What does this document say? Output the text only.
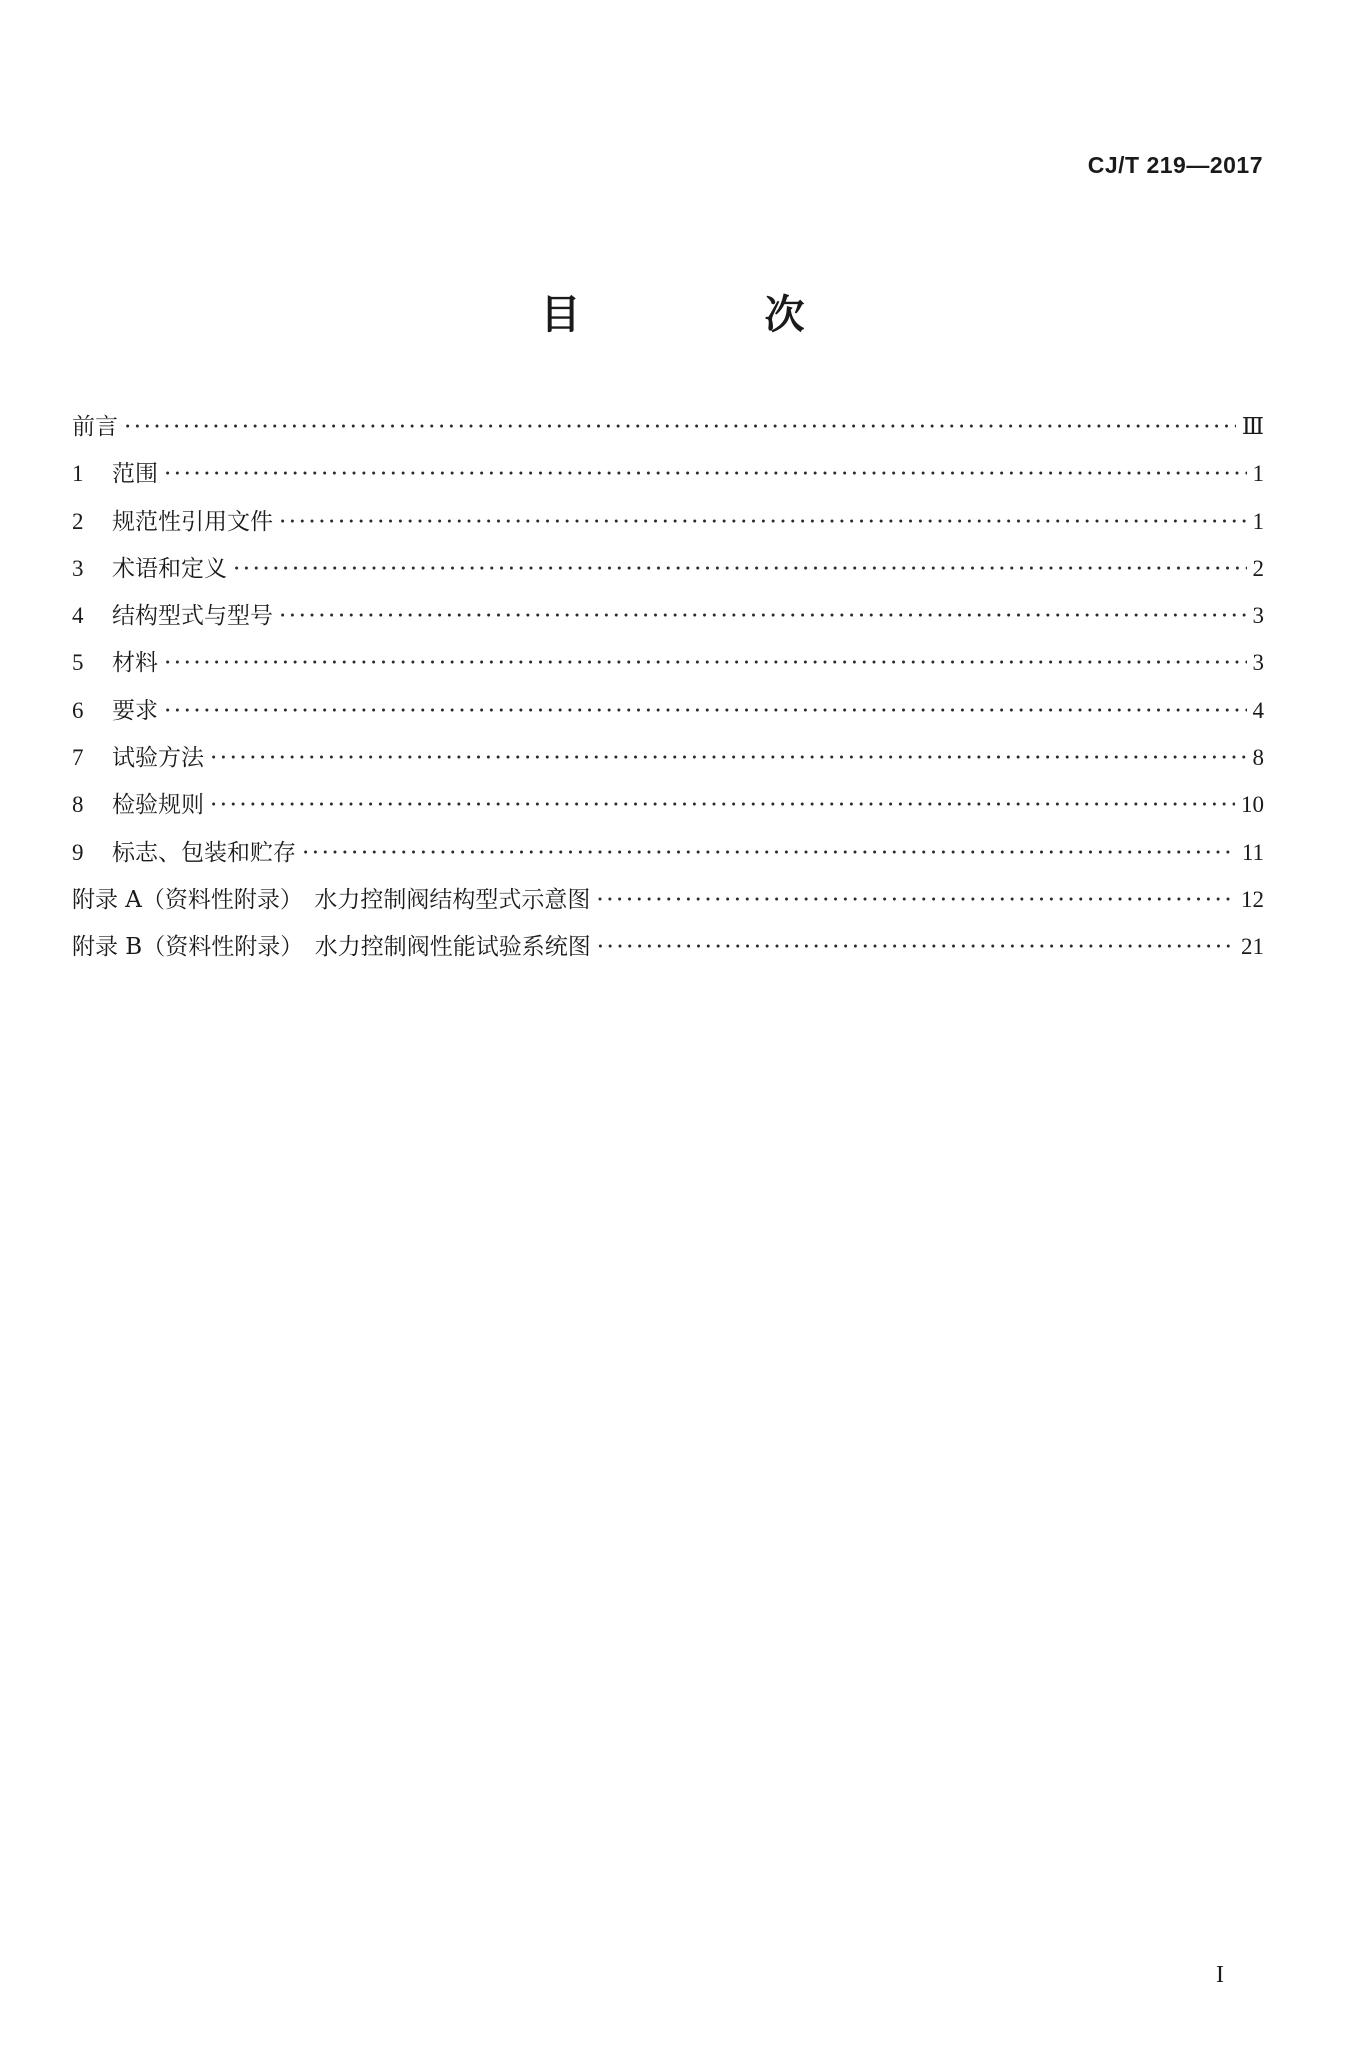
CJ/T 219—2017
目　次
前言 ·····	Ⅲ
1	范围 ·····	1
2	规范性引用文件 ·····	1
3	术语和定义 ·····	2
4	结构型式与型号 ·····	3
5	材料 ·····	3
6	要求 ·····	4
7	试验方法 ·····	8
8	检验规则 ·····	10
9	标志、包装和贮存 ·····	11
附录 A（资料性附录）　水力控制阀结构型式示意图 ·····	12
附录 B（资料性附录）　水力控制阀性能试验系统图 ·····	21
I
